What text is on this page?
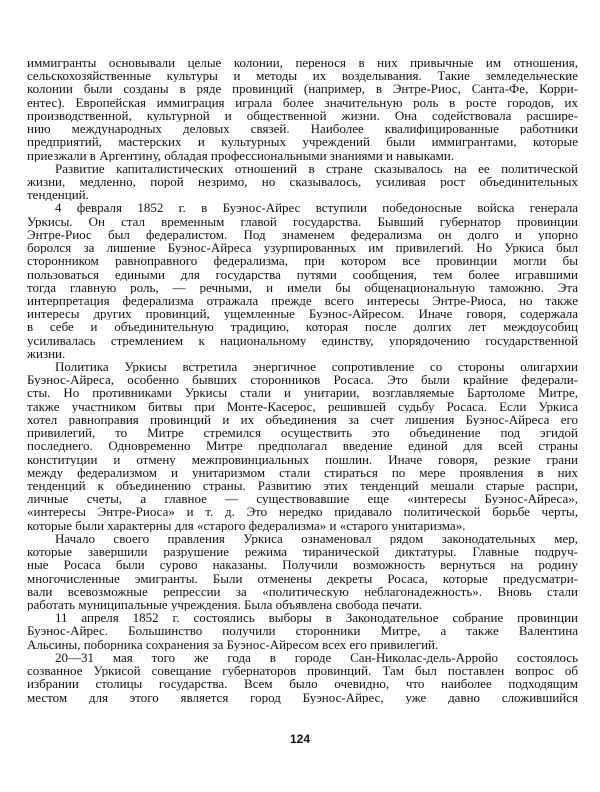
иммигранты основывали целые колонии, перенося в них привычные им отношения,
сельскохозяйственные культуры и методы их возделывания. Такие земледельческие
колонии были созданы в ряде провинций (например, в Энтре-Риос, Санта-Фе, Корри-
ентес). Европейская иммиграция играла более значительную роль в росте городов, их
производственной, культурной и общественной жизни. Она содействовала расшире-
нию международных деловых связей. Наиболее квалифицированные работники
предприятий, мастерских и культурных учреждений были иммигрантами, которые
приезжали в Аргентину, обладая профессиональными знаниями и навыками.
Развитие капиталистических отношений в стране сказывалось на ее политической
жизни, медленно, порой незримо, но сказывалось, усиливая рост объединительных
тенденций.
4 февраля 1852 г. в Буэнос-Айрес вступили победоносные войска генерала
Уркисы. Он стал временным главой государства. Бывший губернатор провинции
Энтре-Риос был федералистом. Под знаменем федерализма он долго и упорно
боролся за лишение Буэнос-Айреса узурпированных им привилегий. Но Уркиса был
сторонником равноправного федерализма, при котором все провинции могли бы
пользоваться едиными для государства путями сообщения, тем более игравшими
тогда главную роль, — речными, и имели бы общенациональную таможню. Эта
интерпретация федерализма отражала прежде всего интересы Энтре-Риоса, но также
интересы других провинций, ущемленные Буэнос-Айресом. Иначе говоря, содержала
в себе и объединительную традицию, которая после долгих лет междоусобиц
усиливалась стремлением к национальному единству, упорядочению государственной
жизни.
Политика Уркисы встретила энергичное сопротивление со стороны олигархии
Буэнос-Айреса, особенно бывших сторонников Росаса. Это были крайние федерали-
сты. Но противниками Уркисы стали и унитарии, возглавляемые Бартоломе Митре,
также участником битвы при Монте-Касерос, решившей судьбу Росаса. Если Уркиса
хотел равноправия провинций и их объединения за счет лишения Буэнос-Айреса его
привилегий, то Митре стремился осуществить это объединение под эгидой
последнего. Одновременно Митре предполагал введение единой для всей страны
конституции и отмену межпровинциальных пошлин. Иначе говоря, резкие грани
между федерализмом и унитаризмом стали стираться по мере проявления в них
тенденций к объединению страны. Развитию этих тенденций мешали старые распри,
личные счеты, а главное — существовавшие еще «интересы Буэнос-Айреса»,
«интересы Энтре-Риоса» и т. д. Это нередко придавало политической борьбе черты,
которые были характерны для «старого федерализма» и «старого унитаризма».
Начало своего правления Уркиса ознаменовал рядом законодательных мер,
которые завершили разрушение режима тиранической диктатуры. Главные подруч-
ные Росаса были сурово наказаны. Получили возможность вернуться на родину
многочисленные эмигранты. Были отменены декреты Росаса, которые предусматри-
вали всевозможные репрессии за «политическую неблагонадежность». Вновь стали
работать муниципальные учреждения. Была объявлена свобода печати.
11 апреля 1852 г. состоялись выборы в Законодательное собрание провинции
Буэнос-Айрес. Большинство получили сторонники Митре, а также Валентина
Альсины, поборника сохранения за Буэнос-Айресом всех его привилегий.
20—31 мая того же года в городе Сан-Николас-дель-Арройо состоялось
созванное Уркисой совещание губернаторов провинций. Там был поставлен вопрос об
избрании столицы государства. Всем было очевидно, что наиболее подходящим
местом для этого является город Буэнос-Айрес, уже давно сложившийся
124
